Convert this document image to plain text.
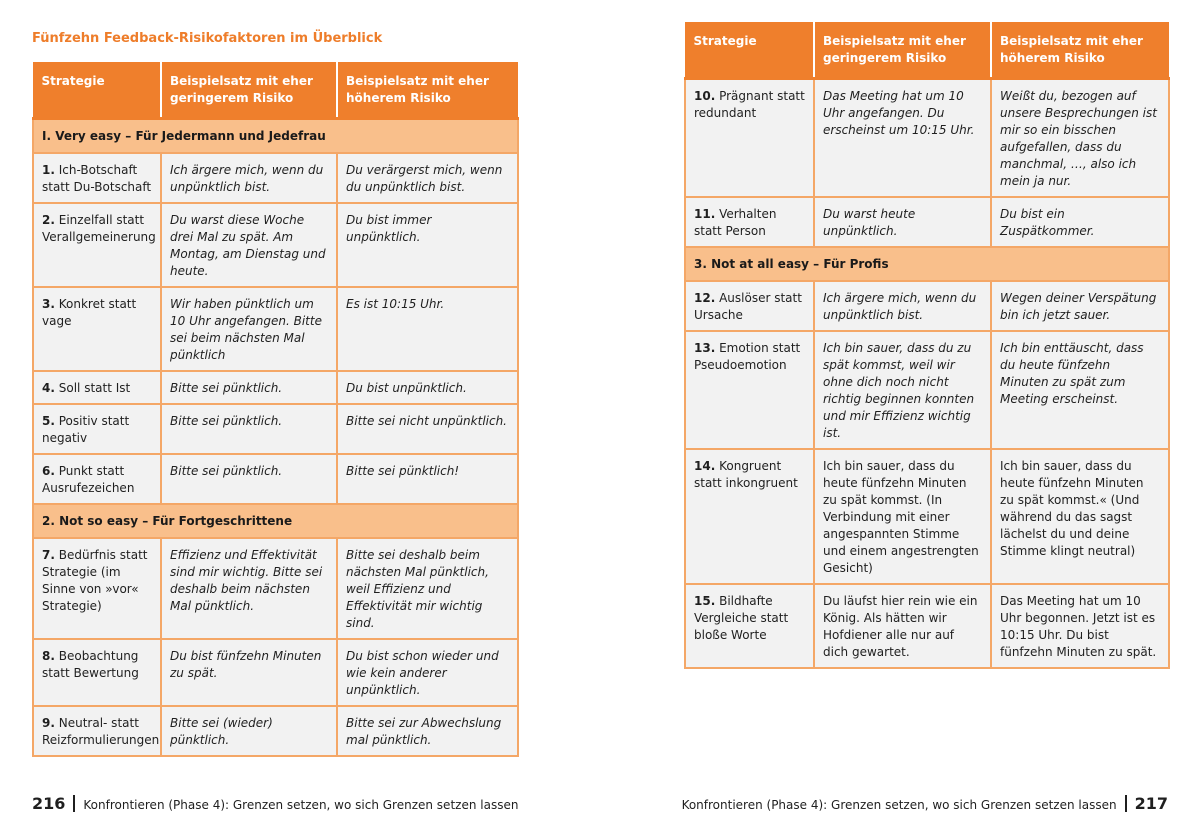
Fünfzehn Feedback-Risikofaktoren im Überblick
Strategie	Beispielsatz mit eher geringerem Risiko	Beispielsatz mit eher höherem Risiko
I. Very easy – Für Jedermann und Jedefrau		
1. Ich-Botschaft statt Du-Botschaft	Ich ärgere mich, wenn du unpünktlich bist.	Du verärgerst mich, wenn du unpünktlich bist.
2. Einzelfall statt Verallgemeinerung	Du warst diese Woche drei Mal zu spät. Am Montag, am Dienstag und heute.	Du bist immer unpünktlich.
3. Konkret statt vage	Wir haben pünktlich um 10 Uhr angefangen. Bitte sei beim nächsten Mal pünktlich	Es ist 10:15 Uhr.
4. Soll statt Ist	Bitte sei pünktlich.	Du bist unpünktlich.
5. Positiv statt negativ	Bitte sei pünktlich.	Bitte sei nicht unpünktlich.
6. Punkt statt Ausrufezeichen	Bitte sei pünktlich.	Bitte sei pünktlich!
2. Not so easy – Für Fortgeschrittene		
7. Bedürfnis statt Strategie (im Sinne von »vor« Strategie)	Effizienz und Effektivität sind mir wichtig. Bitte sei deshalb beim nächsten Mal pünktlich.	Bitte sei deshalb beim nächsten Mal pünktlich, weil Effizienz und Effektivität mir wichtig sind.
8. Beobachtung statt Bewertung	Du bist fünfzehn Minuten zu spät.	Du bist schon wieder und wie kein anderer unpünktlich.
9. Neutral- statt Reizformulierungen	Bitte sei (wieder) pünktlich.	Bitte sei zur Abwechslung mal pünktlich.
Strategie	Beispielsatz mit eher geringerem Risiko	Beispielsatz mit eher höherem Risiko
10. Prägnant statt redundant	Das Meeting hat um 10 Uhr angefangen. Du erscheinst um 10:15 Uhr.	Weißt du, bezogen auf unsere Besprechungen ist mir so ein bisschen aufgefallen, dass du manchmal, …, also ich mein ja nur.
11. Verhalten statt Person	Du warst heute unpünktlich.	Du bist ein Zuspätkommer.
3. Not at all easy – Für Profis		
12. Auslöser statt Ursache	Ich ärgere mich, wenn du unpünktlich bist.	Wegen deiner Verspätung bin ich jetzt sauer.
13. Emotion statt Pseudoemotion	Ich bin sauer, dass du zu spät kommst, weil wir ohne dich noch nicht richtig beginnen konnten und mir Effizienz wichtig ist.	Ich bin enttäuscht, dass du heute fünfzehn Minuten zu spät zum Meeting erscheinst.
14. Kongruent statt inkongruent	Ich bin sauer, dass du heute fünfzehn Minuten zu spät kommst. (In Verbindung mit einer angespannten Stimme und einem angestrengten Gesicht)	Ich bin sauer, dass du heute fünfzehn Minuten zu spät kommst.« (Und während du das sagst lächelst du und deine Stimme klingt neutral)
15. Bildhafte Vergleiche statt bloße Worte	Du läufst hier rein wie ein König. Als hätten wir Hofdiener alle nur auf dich gewartet.	Das Meeting hat um 10 Uhr begonnen. Jetzt ist es 10:15 Uhr. Du bist fünfzehn Minuten zu spät.
216 Konfrontieren (Phase 4): Grenzen setzen, wo sich Grenzen setzen lassen	Konfrontieren (Phase 4): Grenzen setzen, wo sich Grenzen setzen lassen 217
